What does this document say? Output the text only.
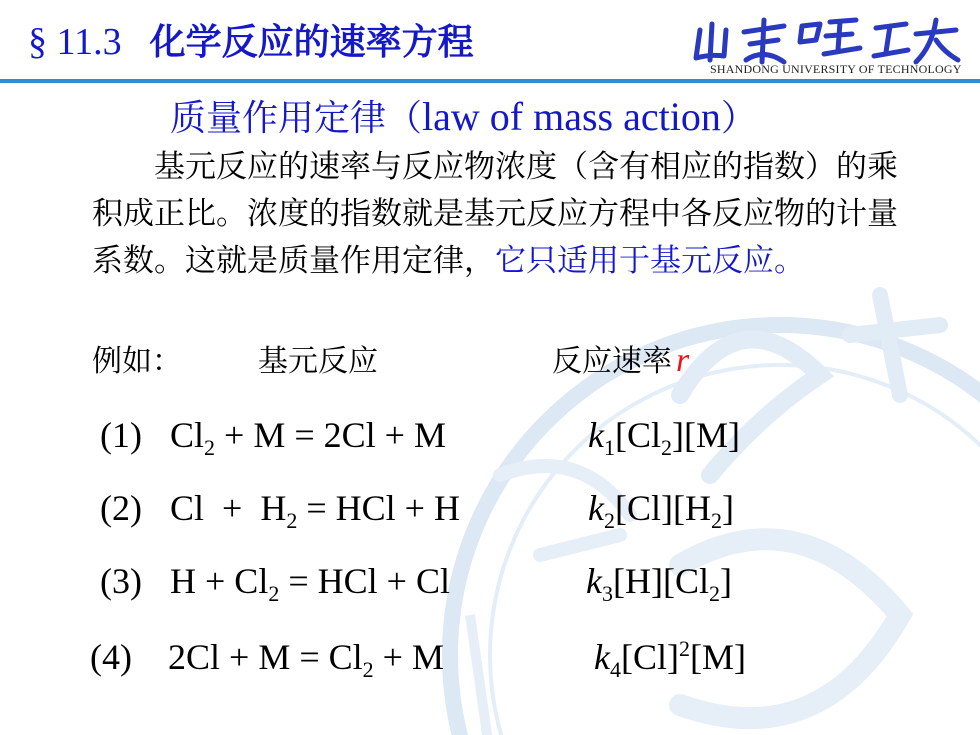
§ 11.3 化学反应的速率方程
SHANDONG UNIVERSITY OF TECHNOLOGY
质量作用定律 （ law of mass action ）
基元反应的速率与反应物浓度（含有相应的指数）的乘积成正比。浓度的指数就是基元反应方程中各反应物的计量系数。这就是质量作用定律，它只适用于基元反应。
例如：	基元反应	反应速率 r
(1) $Cl_2 + M = 2Cl + M$	$k_1[Cl_2][M]$
(2) $Cl + H_2$ = HCl + H	$k_2[Cl][H_2]$
(3) $H + Cl_2$ = HCl + Cl	$k_3[H][Cl_2]$
(4) $2Cl + M = Cl_2 + M$	$k_4[Cl]^2[M]$
